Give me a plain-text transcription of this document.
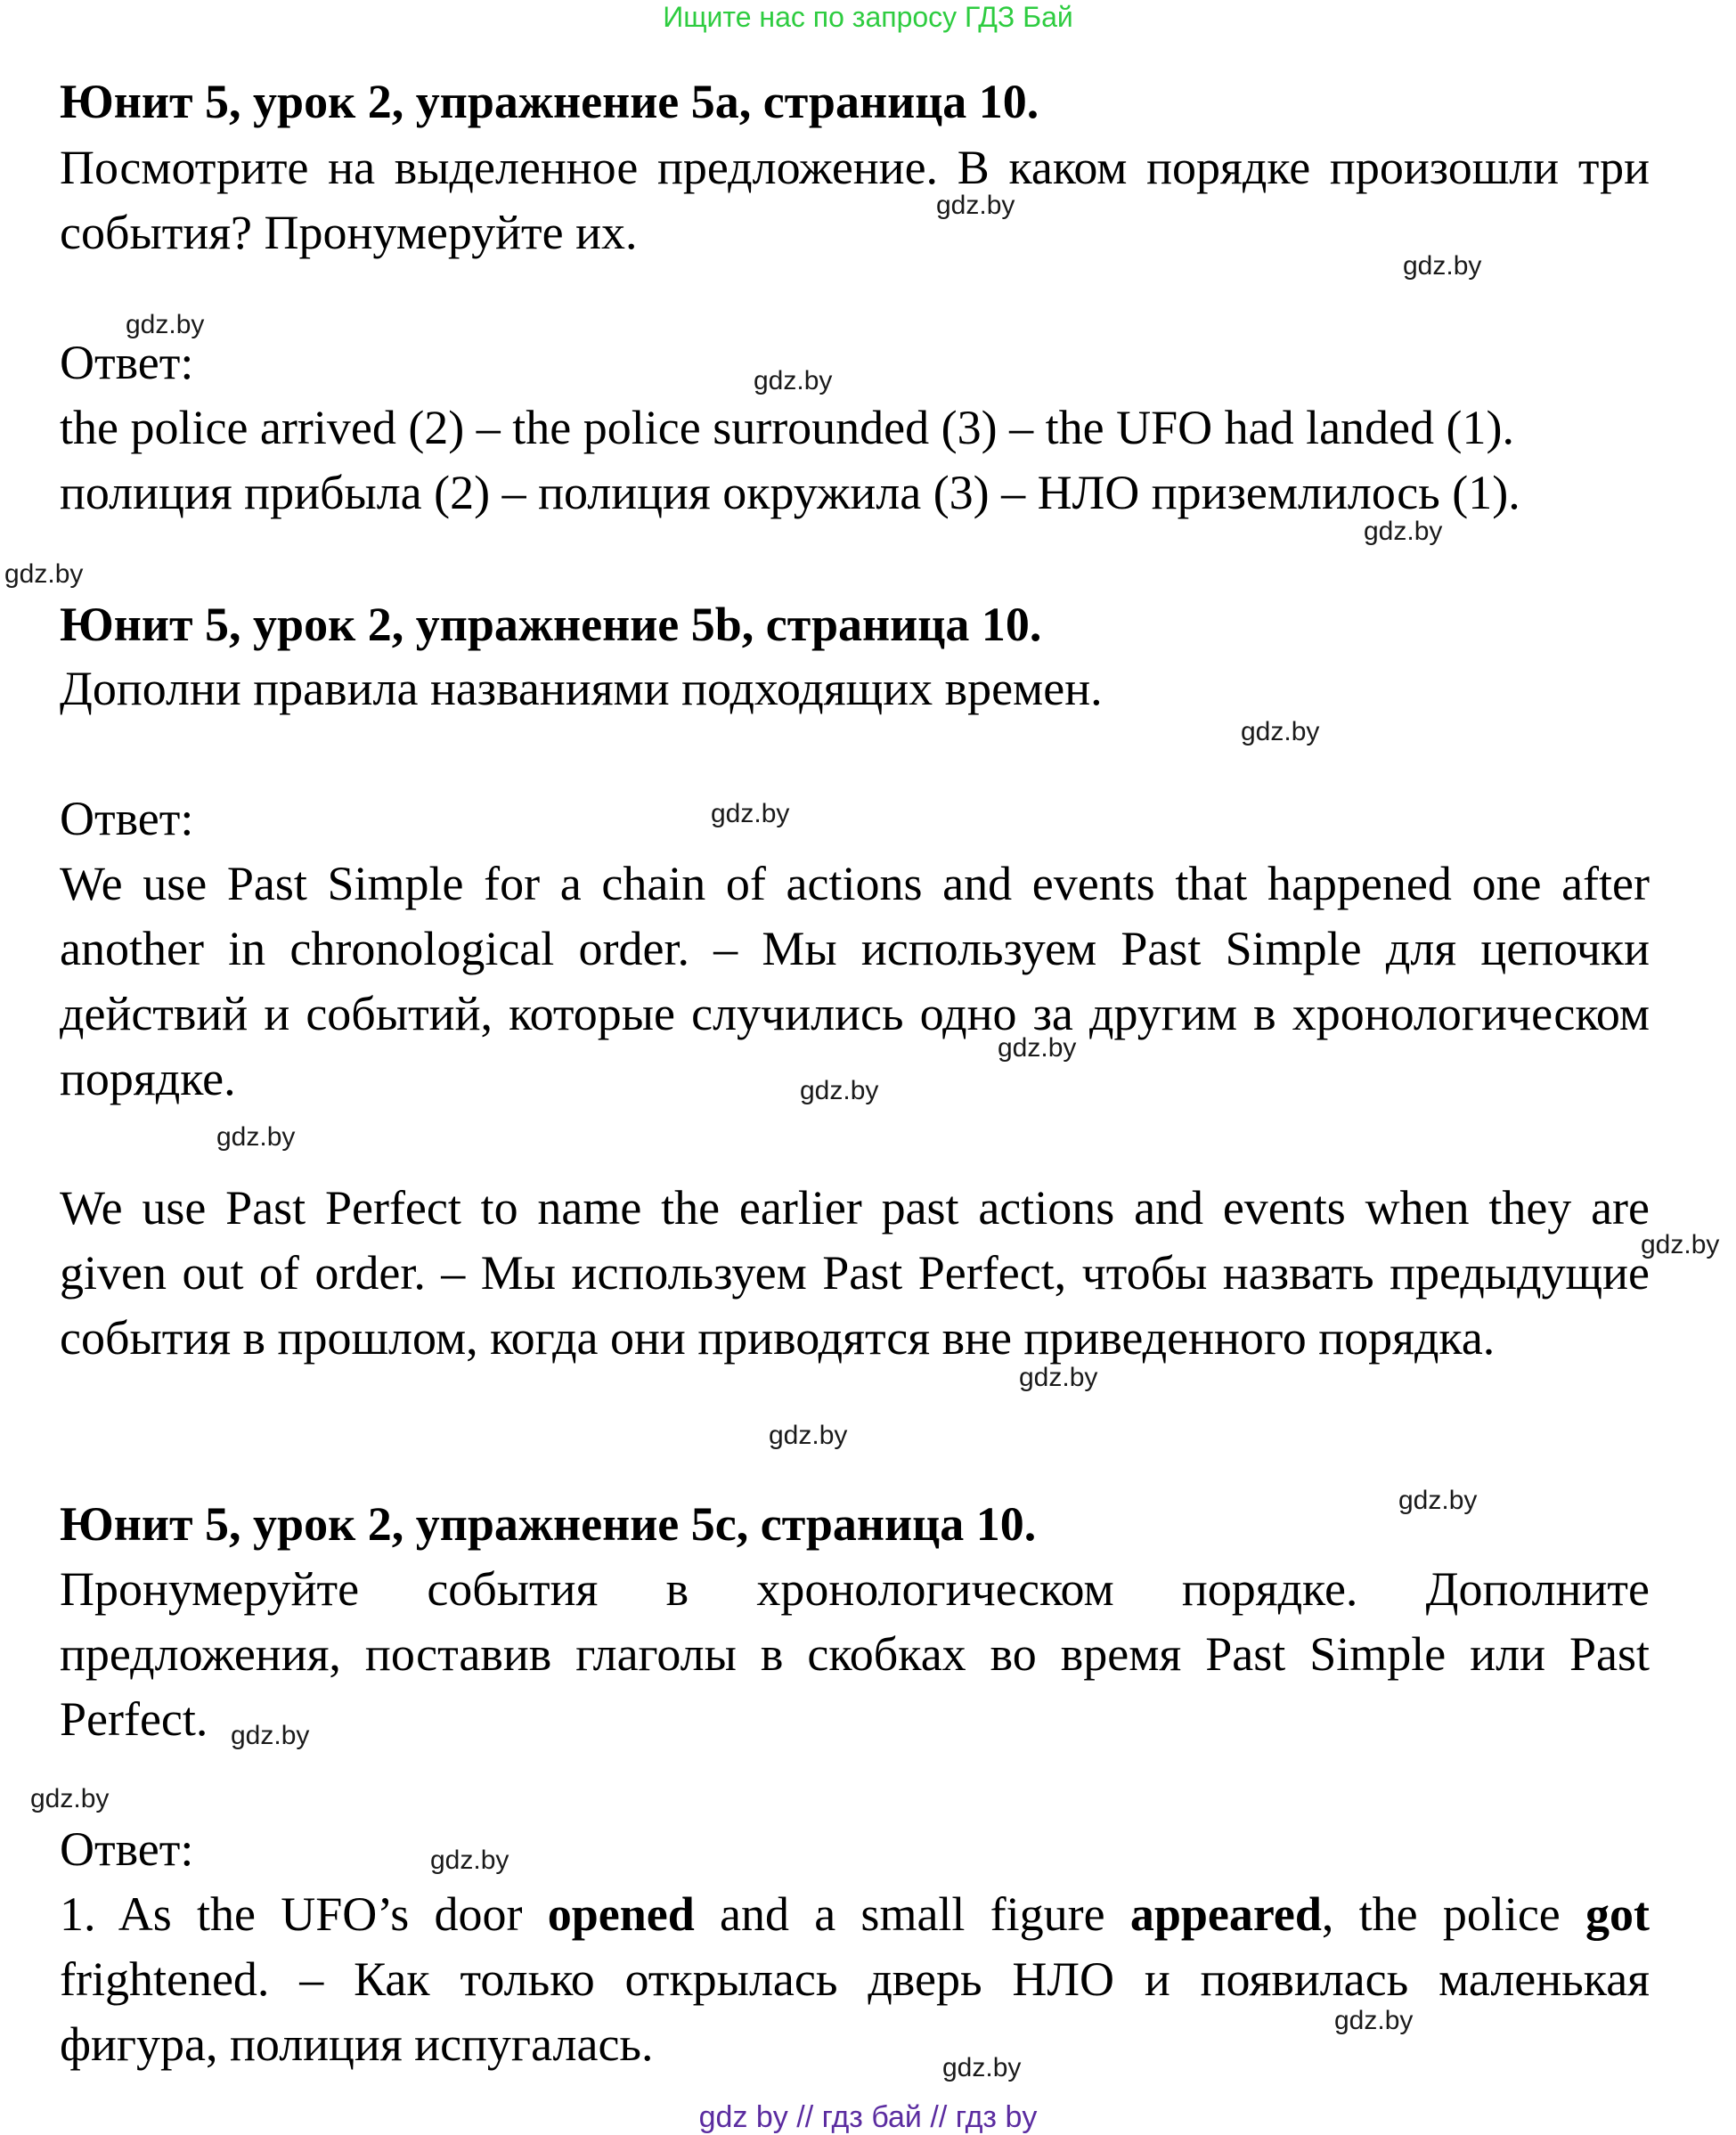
Ищите нас по запросу ГДЗ Бай
Юнит 5, урок 2, упражнение 5а, страница 10.
Посмотрите на выделенное предложение. В каком порядке произошли три события? Пронумеруйте их.
Ответ:
the police arrived (2) – the police surrounded (3) – the UFO had landed (1).
полиция прибыла (2) – полиция окружила (3) – НЛО приземлилось (1).
Юнит 5, урок 2, упражнение 5b, страница 10.
Дополни правила названиями подходящих времен.
Ответ:
We use Past Simple for a chain of actions and events that happened one after another in chronological order. – Мы используем Past Simple для цепочки действий и событий, которые случились одно за другим в хронологическом порядке.
We use Past Perfect to name the earlier past actions and events when they are given out of order. – Мы используем Past Perfect, чтобы назвать предыдущие события в прошлом, когда они приводятся вне приведенного порядка.
Юнит 5, урок 2, упражнение 5c, страница 10.
Пронумеруйте события в хронологическом порядке. Дополните предложения, поставив глаголы в скобках во время Past Simple или Past Perfect.
Ответ:
1. As the UFO’s door opened and a small figure appeared, the police got frightened. – Как только открылась дверь НЛО и появилась маленькая фигура, полиция испугалась.
gdz.by
gdz.by
gdz.by
gdz.by
gdz.by
gdz.by
gdz.by
gdz.by
gdz.by
gdz.by
gdz.by
gdz.by
gdz.by
gdz.by
gdz.by
gdz.by
gdz.by
gdz.by
gdz.by
gdz.by
gdz by // гдз бай // гдз by
